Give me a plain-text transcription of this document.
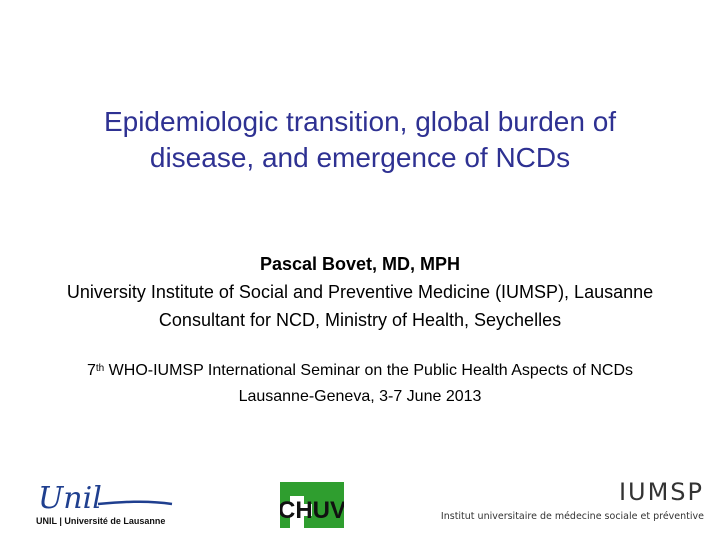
Epidemiologic transition, global burden of
disease, and emergence of NCDs
Pascal Bovet, MD, MPH
University Institute of Social and Preventive Medicine (IUMSP), Lausanne
Consultant for NCD, Ministry of Health, Seychelles
7th WHO-IUMSP International Seminar on the Public Health Aspects of NCDs
Lausanne-Geneva, 3-7 June 2013
Unil
UNIL | Université de Lausanne	CHUV
IUMSP
Institut universitaire de médecine sociale et préventive
